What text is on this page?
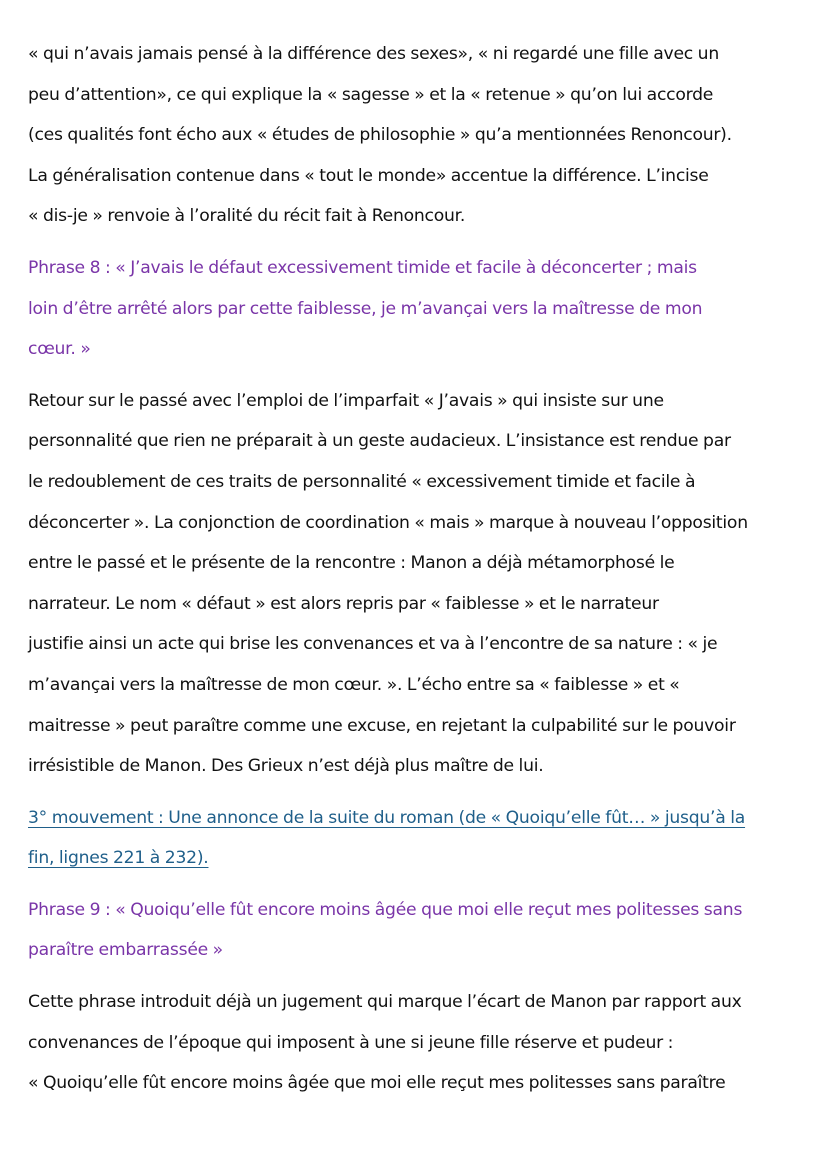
« qui n’avais jamais pensé à la différence des sexes», « ni regardé une fille avec un
peu d’attention», ce qui explique la « sagesse » et la « retenue » qu’on lui accorde
(ces qualités font écho aux « études de philosophie » qu’a mentionnées Renoncour).
La généralisation contenue dans « tout le monde» accentue la différence. L’incise
« dis-je » renvoie à l’oralité du récit fait à Renoncour.

Phrase 8 : « J’avais le défaut excessivement timide et facile à déconcerter ; mais
loin d’être arrêté alors par cette faiblesse, je m’avançai vers la maîtresse de mon
cœur. »

Retour sur le passé avec l’emploi de l’imparfait « J’avais » qui insiste sur une
personnalité que rien ne préparait à un geste audacieux. L’insistance est rendue par
le redoublement de ces traits de personnalité « excessivement timide et facile à
déconcerter ». La conjonction de coordination « mais » marque à nouveau l’opposition
entre le passé et le présente de la rencontre : Manon a déjà métamorphosé le
narrateur. Le nom « défaut » est alors repris par « faiblesse » et le narrateur
justifie ainsi un acte qui brise les convenances et va à l’encontre de sa nature : « je
m’avançai vers la maîtresse de mon cœur. ». L’écho entre sa « faiblesse » et «
maitresse » peut paraître comme une excuse, en rejetant la culpabilité sur le pouvoir
irrésistible de Manon. Des Grieux n’est déjà plus maître de lui.

3° mouvement : Une annonce de la suite du roman (de « Quoiqu’elle fût… » jusqu’à la
fin, lignes 221 à 232).

Phrase 9 : « Quoiqu’elle fût encore moins âgée que moi elle reçut mes politesses sans
paraître embarrassée »

Cette phrase introduit déjà un jugement qui marque l’écart de Manon par rapport aux
convenances de l’époque qui imposent à une si jeune fille réserve et pudeur :
« Quoiqu’elle fût encore moins âgée que moi elle reçut mes politesses sans paraître
